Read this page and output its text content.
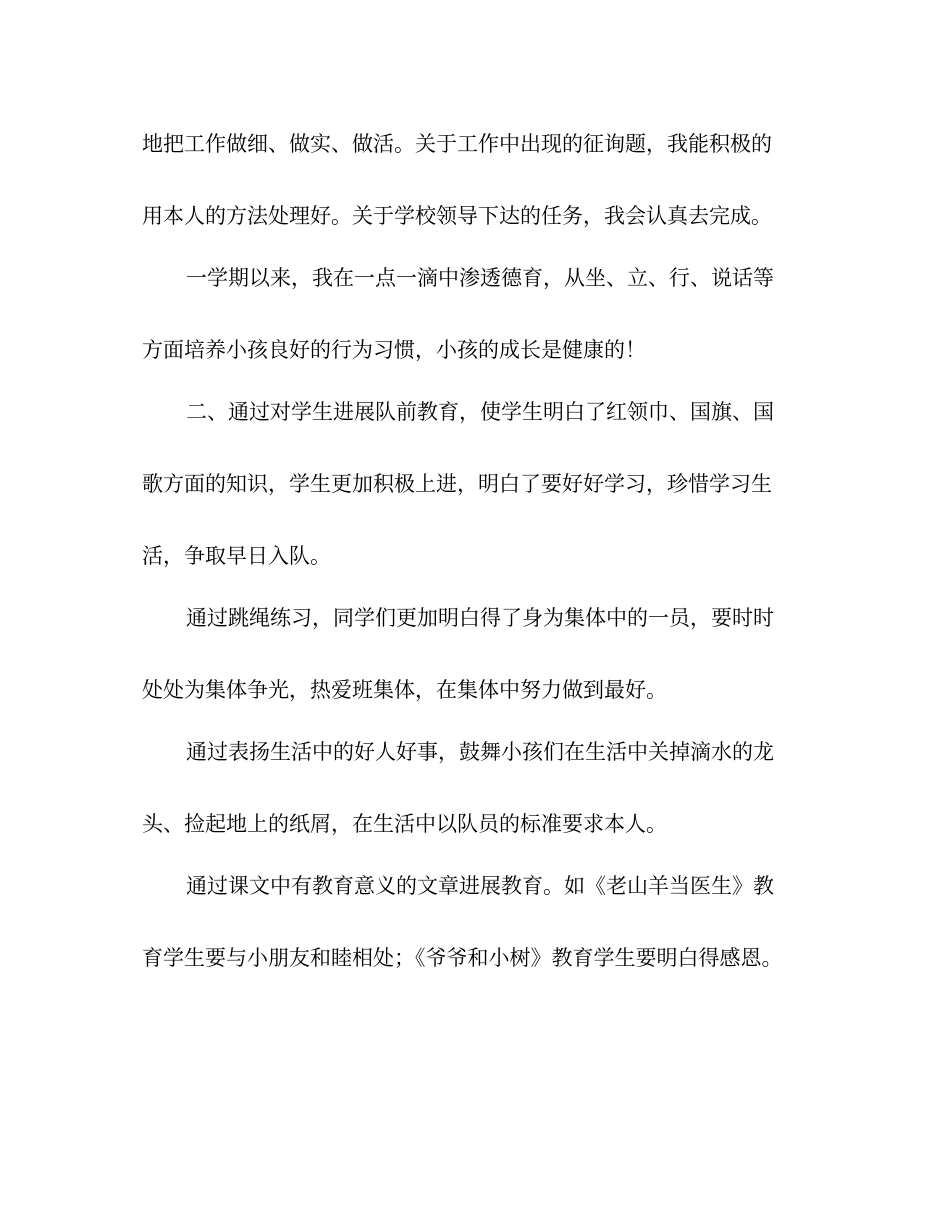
地把工作做细、做实、做活。关于工作中出现的征询题，我能积极的

用本人的方法处理好。关于学校领导下达的任务，我会认真去完成。

一学期以来，我在一点一滴中渗透德育，从坐、立、行、说话等

方面培养小孩良好的行为习惯，小孩的成长是健康的！

二、通过对学生进展队前教育，使学生明白了红领巾、国旗、国

歌方面的知识，学生更加积极上进，明白了要好好学习，珍惜学习生

活，争取早日入队。

通过跳绳练习，同学们更加明白得了身为集体中的一员，要时时

处处为集体争光，热爱班集体，在集体中努力做到最好。

通过表扬生活中的好人好事，鼓舞小孩们在生活中关掉滴水的龙

头、捡起地上的纸屑，在生活中以队员的标准要求本人。

通过课文中有教育意义的文章进展教育。如《老山羊当医生》教

育学生要与小朋友和睦相处；《爷爷和小树》教育学生要明白得感恩。
